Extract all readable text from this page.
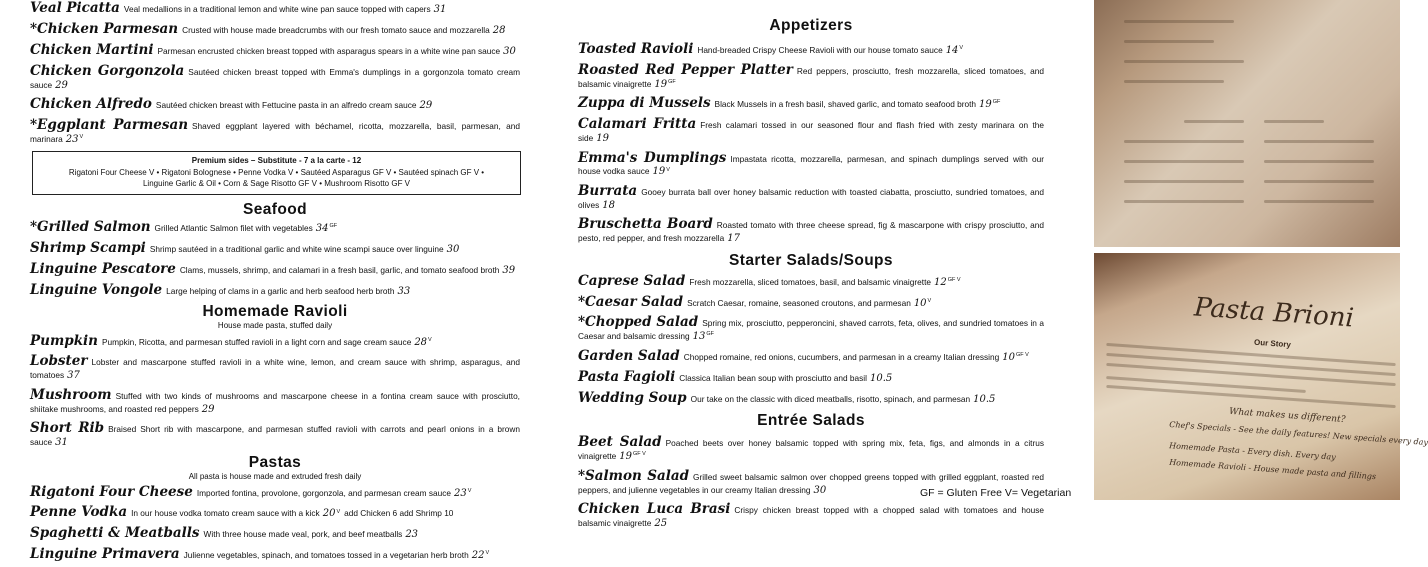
Veal Picatta Veal medallions in a traditional lemon and white wine pan sauce topped with capers 31
*Chicken Parmesan Crusted with house made breadcrumbs with our fresh tomato sauce and mozzarella 28
Chicken Martini Parmesan encrusted chicken breast topped with asparagus spears in a white wine pan sauce 30
Chicken Gorgonzola Sautéed chicken breast topped with Emma's dumplings in a gorgonzola tomato cream sauce 29
Chicken Alfredo Sautéed chicken breast with Fettucine pasta in an alfredo cream sauce 29
*Eggplant Parmesan Shaved eggplant layered with béchamel, ricotta, mozzarella, basil, parmesan, and marinara $23^V$
Premium sides – Substitute - 7 a la carte - 12
Rigatoni Four Cheese V • Rigatoni Bolognese • Penne Vodka V • Sautéed Asparagus GF V • Sautéed spinach GF V •
Linguine Garlic & Oil • Corn & Sage Risotto GF V • Mushroom Risotto GF V
Seafood
*Grilled Salmon Grilled Atlantic Salmon filet with vegetables $34^{GF}$
Shrimp Scampi Shrimp sautéed in a traditional garlic and white wine scampi sauce over linguine 30
Linguine Pescatore Clams, mussels, shrimp, and calamari in a fresh basil, garlic, and tomato seafood broth 39
Linguine Vongole Large helping of clams in a garlic and herb seafood herb broth 33
Homemade Ravioli
House made pasta, stuffed daily
Pumpkin Pumpkin, Ricotta, and parmesan stuffed ravioli in a light corn and sage cream sauce $28^V$
Lobster Lobster and mascarpone stuffed ravioli in a white wine, lemon, and cream sauce with shrimp, asparagus, and tomatoes 37
Mushroom Stuffed with two kinds of mushrooms and mascarpone cheese in a fontina cream sauce with prosciutto, shiitake mushrooms, and roasted red peppers 29
Short Rib Braised Short rib with mascarpone, and parmesan stuffed ravioli with carrots and pearl onions in a brown sauce 31
Pastas
All pasta is house made and extruded fresh daily
Rigatoni Four Cheese Imported fontina, provolone, gorgonzola, and parmesan cream sauce $23^V$
Penne Vodka In our house vodka tomato cream sauce with a kick $20^V$ add Chicken 6 add Shrimp 10
Spaghetti & Meatballs With three house made veal, pork, and beef meatballs 23
Linguine Primavera Julienne vegetables, spinach, and tomatoes tossed in a vegetarian herb broth $22^V$
Appetizers
Toasted Ravioli Hand-breaded Crispy Cheese Ravioli with our house tomato sauce $14^V$
Roasted Red Pepper Platter Red peppers, prosciutto, fresh mozzarella, sliced tomatoes, and balsamic vinaigrette $19^{GF}$
Zuppa di Mussels Black Mussels in a fresh basil, shaved garlic, and tomato seafood broth $19^{GF}$
Calamari Fritta Fresh calamari tossed in our seasoned flour and flash fried with zesty marinara on the side 19
Emma's Dumplings Impastata ricotta, mozzarella, parmesan, and spinach dumplings served with our house vodka sauce $19^V$
Burrata Gooey burrata ball over honey balsamic reduction with toasted ciabatta, prosciutto, sundried tomatoes, and olives 18
Bruschetta Board Roasted tomato with three cheese spread, fig & mascarpone with crispy prosciutto, and pesto, red pepper, and fresh mozzarella 17
Starter Salads/Soups
Caprese Salad Fresh mozzarella, sliced tomatoes, basil, and balsamic vinaigrette $12^{GF V}$
*Caesar Salad Scratch Caesar, romaine, seasoned croutons, and parmesan $10^V$
*Chopped Salad Spring mix, prosciutto, pepperoncini, shaved carrots, feta, olives, and sundried tomatoes in a Caesar and balsamic dressing $13^{GF}$
Garden Salad Chopped romaine, red onions, cucumbers, and parmesan in a creamy Italian dressing $10^{GF V}$
Pasta Fagioli Classica Italian bean soup with prosciutto and basil 10.5
Wedding Soup Our take on the classic with diced meatballs, risotto, spinach, and parmesan 10.5
Entrée Salads
Beet Salad Poached beets over honey balsamic topped with spring mix, feta, figs, and almonds in a citrus vinaigrette $19^{GF V}$
*Salmon Salad Grilled sweet balsamic salmon over chopped greens topped with grilled eggplant, roasted red peppers, and julienne vegetables in our creamy Italian dressing 30
Chicken Luca Brasi Crispy chicken breast topped with a chopped salad with tomatoes and house balsamic vinaigrette 25
GF = Gluten Free V= Vegetarian
Pasta Brioni
Our Story
What makes us different?
Chef's Specials - See the daily features! New specials every day
Homemade Pasta - Every dish. Every day
Homemade Ravioli - House made pasta and fillings
